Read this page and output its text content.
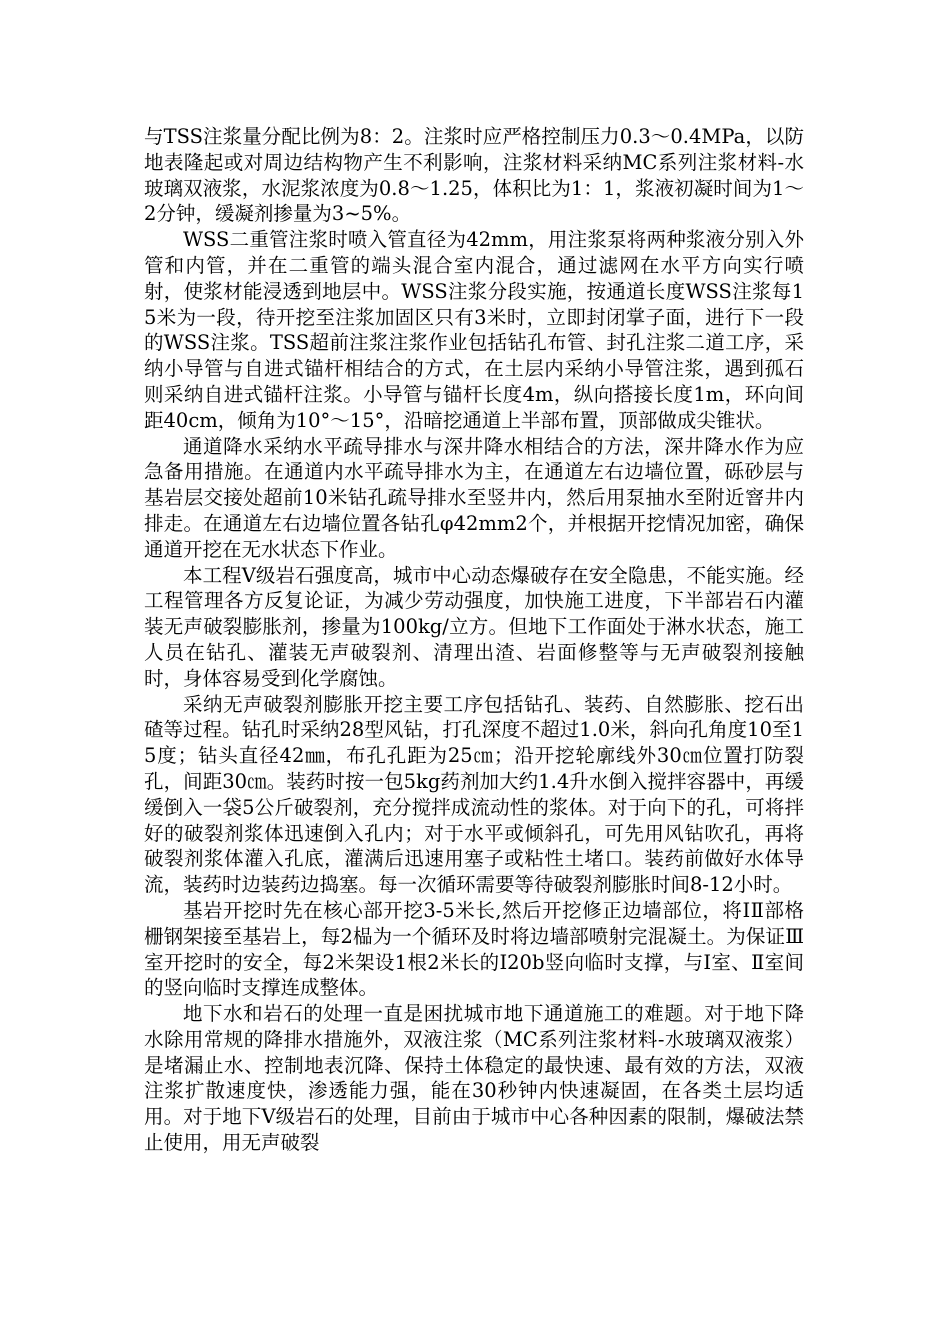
与TSS注浆量分配比例为8：2。注浆时应严格控制压力0.3～0.4MPa，以防地表隆起或对周边结构物产生不利影响，注浆材料采纳MC系列注浆材料-水玻璃双液浆，水泥浆浓度为0.8～1.25，体积比为1：1，浆液初凝时间为1～2分钟，缓凝剂掺量为3~5%。

WSS二重管注浆时喷入管直径为42mm，用注浆泵将两种浆液分别入外管和内管，并在二重管的端头混合室内混合，通过滤网在水平方向实行喷射，使浆材能浸透到地层中。WSS注浆分段实施，按通道长度WSS注浆每15米为一段，待开挖至注浆加固区只有3米时，立即封闭掌子面，进行下一段的WSS注浆。TSS超前注浆注浆作业包括钻孔布管、封孔注浆二道工序，采纳小导管与自进式锚杆相结合的方式，在土层内采纳小导管注浆，遇到孤石则采纳自进式锚杆注浆。小导管与锚杆长度4m，纵向搭接长度1m，环向间距40cm，倾角为10°～15°，沿暗挖通道上半部布置，顶部做成尖锥状。

通道降水采纳水平疏导排水与深井降水相结合的方法，深井降水作为应急备用措施。在通道内水平疏导排水为主，在通道左右边墙位置，砾砂层与基岩层交接处超前10米钻孔疏导排水至竖井内，然后用泵抽水至附近窨井内排走。在通道左右边墙位置各钻孔φ42mm2个，并根据开挖情况加密，确保通道开挖在无水状态下作业。

本工程Ⅴ级岩石强度高，城市中心动态爆破存在安全隐患，不能实施。经工程管理各方反复论证，为减少劳动强度，加快施工进度，下半部岩石内灌装无声破裂膨胀剂，掺量为100kg/立方。但地下工作面处于淋水状态，施工人员在钻孔、灌装无声破裂剂、清理出渣、岩面修整等与无声破裂剂接触时，身体容易受到化学腐蚀。

采纳无声破裂剂膨胀开挖主要工序包括钻孔、装药、自然膨胀、挖石出碴等过程。钻孔时采纳28型风钻，打孔深度不超过1.0米，斜向孔角度10至15度；钻头直径42㎜，布孔孔距为25㎝；沿开挖轮廓线外30㎝位置打防裂孔，间距30㎝。装药时按一包5kg药剂加大约1.4升水倒入搅拌容器中，再缓缓倒入一袋5公斤破裂剂，充分搅拌成流动性的浆体。对于向下的孔，可将拌好的破裂剂浆体迅速倒入孔内；对于水平或倾斜孔，可先用风钻吹孔，再将破裂剂浆体灌入孔底，灌满后迅速用塞子或粘性土堵口。装药前做好水体导流，装药时边装药边捣塞。每一次循环需要等待破裂剂膨胀时间8-12小时。

基岩开挖时先在核心部开挖3-5米长,然后开挖修正边墙部位，将ⅠⅡ部格栅钢架接至基岩上，每2榀为一个循环及时将边墙部喷射完混凝土。为保证Ⅲ室开挖时的安全，每2米架设1根2米长的I20b竖向临时支撑，与Ⅰ室、Ⅱ室间的竖向临时支撑连成整体。

地下水和岩石的处理一直是困扰城市地下通道施工的难题。对于地下降水除用常规的降排水措施外，双液注浆（MC系列注浆材料-水玻璃双液浆）是堵漏止水、控制地表沉降、保持土体稳定的最快速、最有效的方法，双液注浆扩散速度快，渗透能力强，能在30秒钟内快速凝固，在各类土层均适用。对于地下Ⅴ级岩石的处理，目前由于城市中心各种因素的限制，爆破法禁止使用，用无声破裂
